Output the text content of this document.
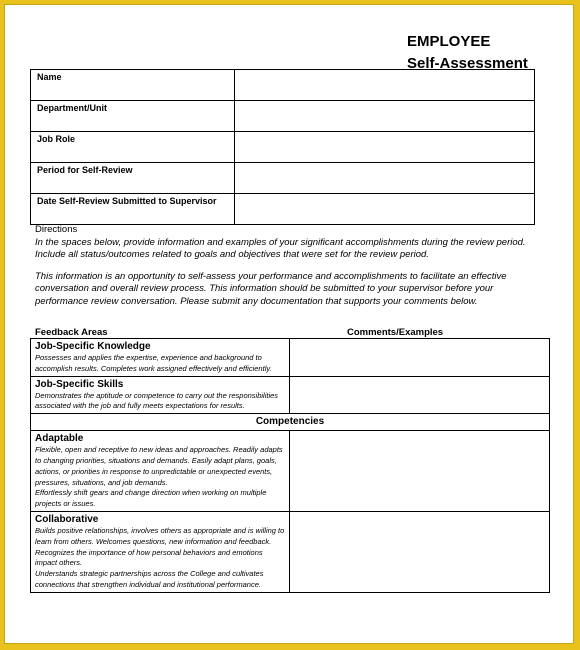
EMPLOYEE
Self-Assessment
Name	
Department/Unit	
Job Role	
Period for Self-Review	
Date Self-Review Submitted to Supervisor	
Directions

In the spaces below, provide information and examples of your significant accomplishments during the review period. Include all status/outcomes related to goals and objectives that were set for the review period.

This information is an opportunity to self-assess your performance and accomplishments to facilitate an effective conversation and overall review process. This information should be submitted to your supervisor before your performance review conversation. Please submit any documentation that supports your comments below.

Feedback Areas	Comments/Examples
Job-Specific Knowledge

Possesses and applies the expertise, experience and background to accomplish results. Completes work assigned effectively and efficiently.	

Job-Specific Skills

Demonstrates the aptitude or competence to carry out the responsibilities associated with the job and fully meets expectations for results.	

Competencies	

Adaptable

Flexible, open and receptive to new ideas and approaches. Readily adapts to changing priorities, situations and demands. Easily adapt plans, goals, actions, or priorities in response to unpredictable or unexpected events, pressures, situations, and job demands.

Effortlessly shift gears and change direction when working on multiple projects or issues.	

Collaborative

Builds positive relationships, involves others as appropriate and is willing to learn from others. Welcomes questions, new information and feedback. Recognizes the importance of how personal behaviors and emotions impact others.

Understands strategic partnerships across the College and cultivates connections that strengthen individual and institutional performance.	
